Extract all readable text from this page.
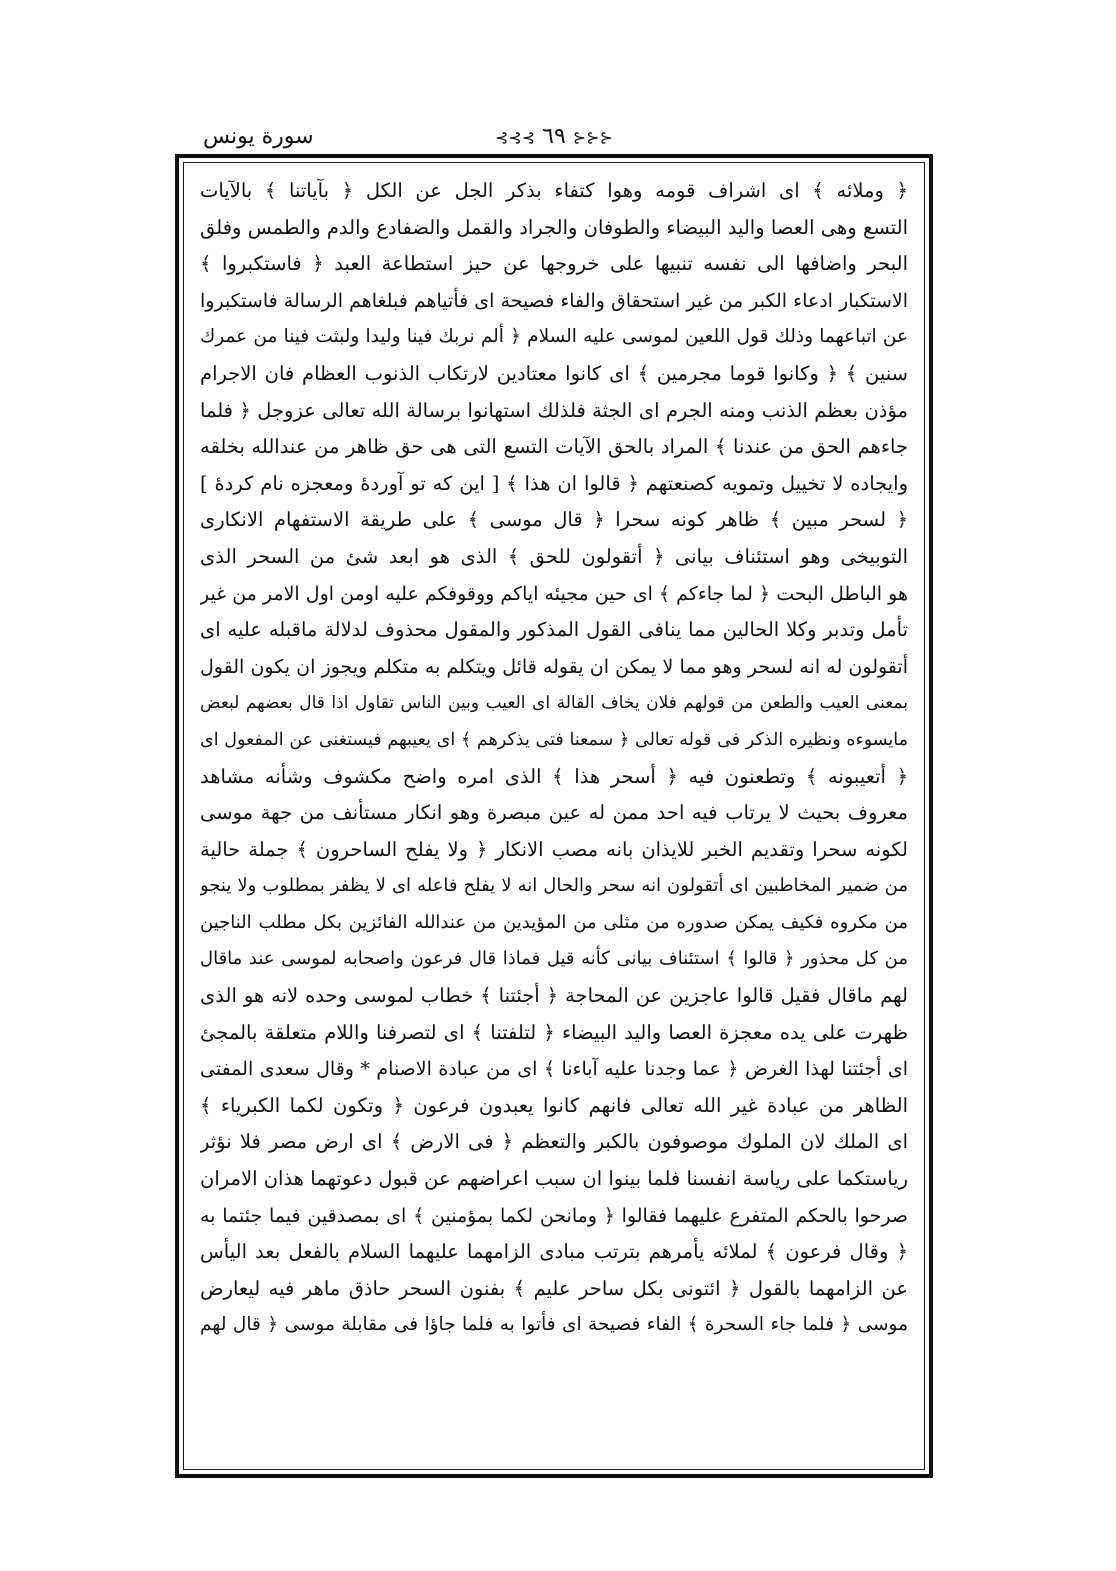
⊰⊰⊰ ٦٩ ⊱⊱⊱
سورة يونس
﴿ وملائه ﴾ اى اشراف قومه وهوا كتفاء بذكر الجل عن الكل ﴿ بآياتنا ﴾ بالآيات
التسع وهى العصا واليد البيضاء والطوفان والجراد والقمل والضفادع والدم والطمس وفلق
البحر واضافها الى نفسه تنبيها على خروجها عن حيز استطاعة العبد ﴿ فاستكبروا ﴾
الاستكبار ادعاء الكبر من غير استحقاق والفاء فصيحة اى فأتياهم فبلغاهم الرسالة فاستكبروا
عن اتباعهما وذلك قول اللعين لموسى عليه السلام ﴿ ألم نربك فينا وليدا ولبثت فينا من عمرك
سنين ﴾ ﴿ وكانوا قوما مجرمين ﴾ اى كانوا معتادين لارتكاب الذنوب العظام فان الاجرام
مؤذن بعظم الذنب ومنه الجرم اى الجثة فلذلك استهانوا برسالة الله تعالى عزوجل ﴿ فلما
جاءهم الحق من عندنا ﴾ المراد بالحق الآيات التسع التى هى حق ظاهر من عندالله بخلقه
وايجاده لا تخييل وتمويه كصنعتهم ﴿ قالوا ان هذا ﴾ [ اين كه تو آوردهٔ ومعجزه نام كردهٔ ]
﴿ لسحر مبين ﴾ ظاهر كونه سحرا ﴿ قال موسى ﴾ على طريقة الاستفهام الانكارى
التوبيخى وهو استئناف بيانى ﴿ أتقولون للحق ﴾ الذى هو ابعد شئ من السحر الذى
هو الباطل البحت ﴿ لما جاءكم ﴾ اى حين مجيئه اياكم ووقوفكم عليه اومن اول الامر من غير
تأمل وتدبر وكلا الحالين مما ينافى القول المذكور والمقول محذوف لدلالة ماقبله عليه اى
أتقولون له انه لسحر وهو مما لا يمكن ان يقوله قائل ويتكلم به متكلم ويجوز ان يكون القول
بمعنى العيب والطعن من قولهم فلان يخاف القالة اى العيب وبين الناس تقاول اذا قال بعضهم لبعض
مايسوءه ونظيره الذكر فى قوله تعالى ﴿ سمعنا فتى يذكرهم ﴾ اى يعيبهم فيستغنى عن المفعول اى
﴿ أتعيبونه ﴾ وتطعنون فيه ﴿ أسحر هذا ﴾ الذى امره واضح مكشوف وشأنه مشاهد
معروف بحيث لا يرتاب فيه احد ممن له عين مبصرة وهو انكار مستأنف من جهة موسى
لكونه سحرا وتقديم الخبر للايذان بانه مصب الانكار ﴿ ولا يفلح الساحرون ﴾ جملة حالية
من ضمير المخاطبين اى أتقولون انه سحر والحال انه لا يفلح فاعله اى لا يظفر بمطلوب ولا ينجو
من مكروه فكيف يمكن صدوره من مثلى من المؤيدين من عندالله الفائزين بكل مطلب الناجين
من كل محذور ﴿ قالوا ﴾ استئناف بيانى كأنه قيل فماذا قال فرعون واصحابه لموسى عند ماقال
لهم ماقال فقيل قالوا عاجزين عن المحاجة ﴿ أجئتنا ﴾ خطاب لموسى وحده لانه هو الذى
ظهرت على يده معجزة العصا واليد البيضاء ﴿ لتلفتنا ﴾ اى لتصرفنا واللام متعلقة بالمجئ
اى أجئتنا لهذا الغرض ﴿ عما وجدنا عليه آباءنا ﴾ اى من عبادة الاصنام * وقال سعدى المفتى
الظاهر من عبادة غير الله تعالى فانهم كانوا يعبدون فرعون ﴿ وتكون لكما الكبرياء ﴾
اى الملك لان الملوك موصوفون بالكبر والتعظم ﴿ فى الارض ﴾ اى ارض مصر فلا نؤثر
رياستكما على رياسة انفسنا فلما بينوا ان سبب اعراضهم عن قبول دعوتهما هذان الامران
صرحوا بالحكم المتفرع عليهما فقالوا ﴿ ومانحن لكما بمؤمنين ﴾ اى بمصدقين فيما جئتما به
﴿ وقال فرعون ﴾ لملائه يأمرهم بترتب مبادى الزامهما عليهما السلام بالفعل بعد اليأس
عن الزامهما بالقول ﴿ ائتونى بكل ساحر عليم ﴾ بفنون السحر حاذق ماهر فيه ليعارض
موسى ﴿ فلما جاء السحرة ﴾ الفاء فصيحة اى فأتوا به فلما جاؤا فى مقابلة موسى ﴿ قال لهم
